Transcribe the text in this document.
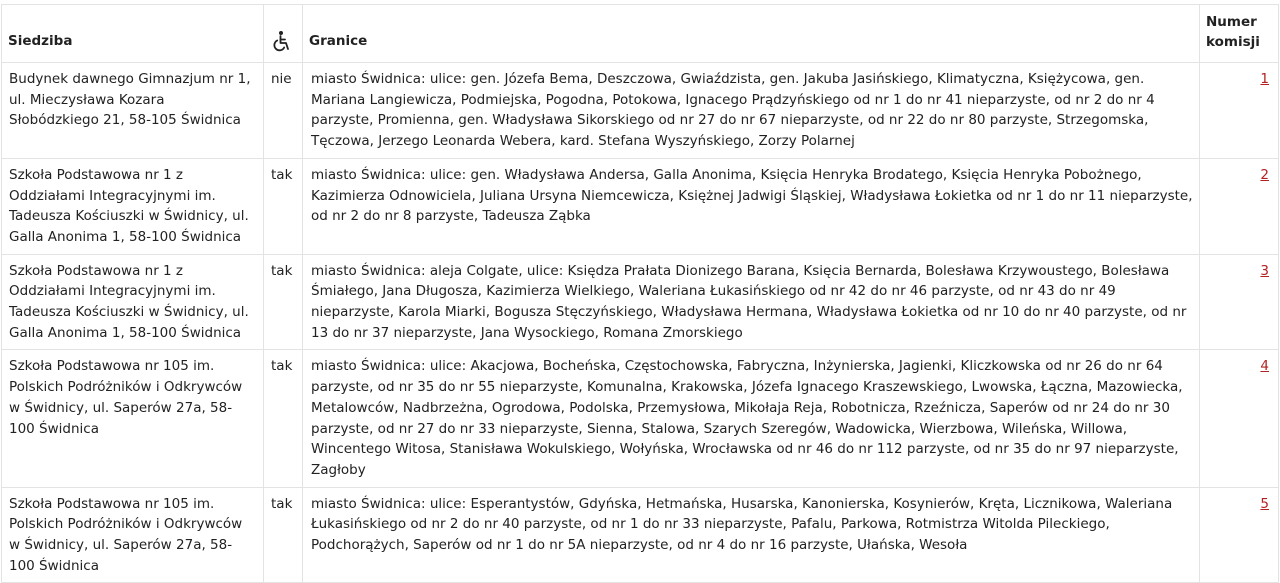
Siedziba		Granice	Numer komisji
Budynek dawnego Gimnazjum nr 1, ul. Mieczysława Kozara Słobódzkiego 21, 58-105 Świdnica	nie	miasto Świdnica: ulice: gen. Józefa Bema, Deszczowa, Gwiaździsta, gen. Jakuba Jasińskiego, Klimatyczna, Księżycowa, gen. Mariana Langiewicza, Podmiejska, Pogodna, Potokowa, Ignacego Prądzyńskiego od nr 1 do nr 41 nieparzyste, od nr 2 do nr 4 parzyste, Promienna, gen. Władysława Sikorskiego od nr 27 do nr 67 nieparzyste, od nr 22 do nr 80 parzyste, Strzegomska, Tęczowa, Jerzego Leonarda Webera, kard. Stefana Wyszyńskiego, Zorzy Polarnej	1
Szkoła Podstawowa nr 1 z Oddziałami Integracyjnymi im. Tadeusza Kościuszki w Świdnicy, ul. Galla Anonima 1, 58-100 Świdnica	tak	miasto Świdnica: ulice: gen. Władysława Andersa, Galla Anonima, Księcia Henryka Brodatego, Księcia Henryka Pobożnego, Kazimierza Odnowiciela, Juliana Ursyna Niemcewicza, Księżnej Jadwigi Śląskiej, Władysława Łokietka od nr 1 do nr 11 nieparzyste, od nr 2 do nr 8 parzyste, Tadeusza Ząbka	2
Szkoła Podstawowa nr 1 z Oddziałami Integracyjnymi im. Tadeusza Kościuszki w Świdnicy, ul. Galla Anonima 1, 58-100 Świdnica	tak	miasto Świdnica: aleja Colgate, ulice: Księdza Prałata Dionizego Barana, Księcia Bernarda, Bolesława Krzywoustego, Bolesława Śmiałego, Jana Długosza, Kazimierza Wielkiego, Waleriana Łukasińskiego od nr 42 do nr 46 parzyste, od nr 43 do nr 49 nieparzyste, Karola Miarki, Bogusza Stęczyńskiego, Władysława Hermana, Władysława Łokietka od nr 10 do nr 40 parzyste, od nr 13 do nr 37 nieparzyste, Jana Wysockiego, Romana Zmorskiego	3
Szkoła Podstawowa nr 105 im. Polskich Podróżników i Odkrywców w Świdnicy, ul. Saperów 27a, 58-100 Świdnica	tak	miasto Świdnica: ulice: Akacjowa, Bocheńska, Częstochowska, Fabryczna, Inżynierska, Jagienki, Kliczkowska od nr 26 do nr 64 parzyste, od nr 35 do nr 55 nieparzyste, Komunalna, Krakowska, Józefa Ignacego Kraszewskiego, Lwowska, Łączna, Mazowiecka, Metalowców, Nadbrzeżna, Ogrodowa, Podolska, Przemysłowa, Mikołaja Reja, Robotnicza, Rzeźnicza, Saperów od nr 24 do nr 30 parzyste, od nr 27 do nr 33 nieparzyste, Sienna, Stalowa, Szarych Szeregów, Wadowicka, Wierzbowa, Wileńska, Willowa, Wincentego Witosa, Stanisława Wokulskiego, Wołyńska, Wrocławska od nr 46 do nr 112 parzyste, od nr 35 do nr 97 nieparzyste, Zagłoby	4
Szkoła Podstawowa nr 105 im. Polskich Podróżników i Odkrywców w Świdnicy, ul. Saperów 27a, 58-100 Świdnica	tak	miasto Świdnica: ulice: Esperantystów, Gdyńska, Hetmańska, Husarska, Kanonierska, Kosynierów, Kręta, Licznikowa, Waleriana Łukasińskiego od nr 2 do nr 40 parzyste, od nr 1 do nr 33 nieparzyste, Pafalu, Parkowa, Rotmistrza Witolda Pileckiego, Podchorążych, Saperów od nr 1 do nr 5A nieparzyste, od nr 4 do nr 16 parzyste, Ułańska, Wesoła	5
